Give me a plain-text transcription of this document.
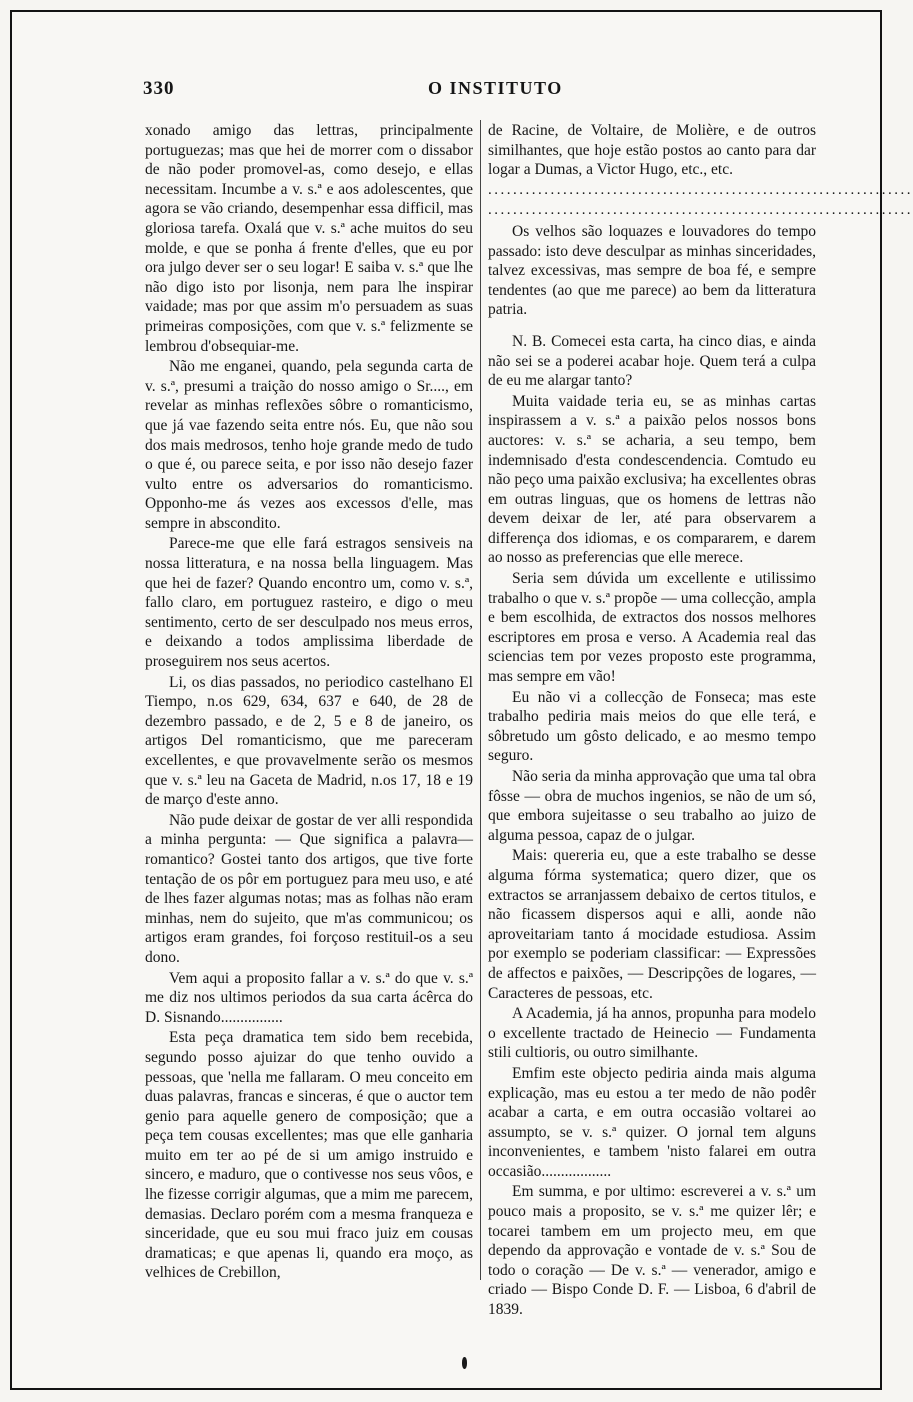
330	O INSTITUTO

xonado amigo das lettras, principalmente portuguezas; mas que hei de morrer com o dissabor de não poder promovel-as, como desejo, e ellas necessitam. Incumbe a v. s.ª e aos adolescentes, que agora se vão criando, desempenhar essa difficil, mas gloriosa tarefa. Oxalá que v. s.ª ache muitos do seu molde, e que se ponha á frente d'elles, que eu por ora julgo dever ser o seu logar! E saiba v. s.ª que lhe não digo isto por lisonja, nem para lhe inspirar vaidade; mas por que assim m'o persuadem as suas primeiras composições, com que v. s.ª felizmente se lembrou d'obsequiar-me.

Não me enganei, quando, pela segunda carta de v. s.ª, presumi a traição do nosso amigo o Sr...., em revelar as minhas reflexões sôbre o romanticismo, que já vae fazendo seita entre nós. Eu, que não sou dos mais medrosos, tenho hoje grande medo de tudo o que é, ou parece seita, e por isso não desejo fazer vulto entre os adversarios do romanticismo. Opponho-me ás vezes aos excessos d'elle, mas sempre in abscondito.

Parece-me que elle fará estragos sensiveis na nossa litteratura, e na nossa bella linguagem. Mas que hei de fazer? Quando encontro um, como v. s.ª, fallo claro, em portuguez rasteiro, e digo o meu sentimento, certo de ser desculpado nos meus erros, e deixando a todos amplissima liberdade de proseguirem nos seus acertos.

Li, os dias passados, no periodico castelhano El Tiempo, n.os 629, 634, 637 e 640, de 28 de dezembro passado, e de 2, 5 e 8 de janeiro, os artigos Del romanticismo, que me pareceram excellentes, e que provavelmente serão os mesmos que v. s.ª leu na Gaceta de Madrid, n.os 17, 18 e 19 de março d'este anno.

Não pude deixar de gostar de ver alli respondida a minha pergunta: — Que significa a palavra—romantico? Gostei tanto dos artigos, que tive forte tentação de os pôr em portuguez para meu uso, e até de lhes fazer algumas notas; mas as folhas não eram minhas, nem do sujeito, que m'as communicou; os artigos eram grandes, foi forçoso restituil-os a seu dono.

Vem aqui a proposito fallar a v. s.ª do que v. s.ª me diz nos ultimos periodos da sua carta ácêrca do D. Sisnando................

Esta peça dramatica tem sido bem recebida, segundo posso ajuizar do que tenho ouvido a pessoas, que 'nella me fallaram. O meu conceito em duas palavras, francas e sinceras, é que o auctor tem genio para aquelle genero de composição; que a peça tem cousas excellentes; mas que elle ganharia muito em ter ao pé de si um amigo instruido e sincero, e maduro, que o contivesse nos seus vôos, e lhe fizesse corrigir algumas, que a mim me parecem, demasias. Declaro porém com a mesma franqueza e sinceridade, que eu sou mui fraco juiz em cousas dramaticas; e que apenas li, quando era moço, as velhices de Crebillon,

de Racine, de Voltaire, de Molière, e de outros similhantes, que hoje estão postos ao canto para dar logar a Dumas, a Victor Hugo, etc., etc.

....................................................................

....................................................................

Os velhos são loquazes e louvadores do tempo passado: isto deve desculpar as minhas sinceridades, talvez excessivas, mas sempre de boa fé, e sempre tendentes (ao que me parece) ao bem da litteratura patria.

N. B. Comecei esta carta, ha cinco dias, e ainda não sei se a poderei acabar hoje. Quem terá a culpa de eu me alargar tanto?

Muita vaidade teria eu, se as minhas cartas inspirassem a v. s.ª a paixão pelos nossos bons auctores: v. s.ª se acharia, a seu tempo, bem indemnisado d'esta condescendencia. Comtudo eu não peço uma paixão exclusiva; ha excellentes obras em outras linguas, que os homens de lettras não devem deixar de ler, até para observarem a differença dos idiomas, e os compararem, e darem ao nosso as preferencias que elle merece.

Seria sem dúvida um excellente e utilissimo trabalho o que v. s.ª propõe — uma collecção, ampla e bem escolhida, de extractos dos nossos melhores escriptores em prosa e verso. A Academia real das sciencias tem por vezes proposto este programma, mas sempre em vão!

Eu não vi a collecção de Fonseca; mas este trabalho pediria mais meios do que elle terá, e sôbretudo um gôsto delicado, e ao mesmo tempo seguro.

Não seria da minha approvação que uma tal obra fôsse — obra de muchos ingenios, se não de um só, que embora sujeitasse o seu trabalho ao juizo de alguma pessoa, capaz de o julgar.

Mais: quereria eu, que a este trabalho se desse alguma fórma systematica; quero dizer, que os extractos se arranjassem debaixo de certos titulos, e não ficassem dispersos aqui e alli, aonde não aproveitariam tanto á mocidade estudiosa. Assim por exemplo se poderiam classificar: — Expressões de affectos e paixões, — Descripções de logares, — Caracteres de pessoas, etc.

A Academia, já ha annos, propunha para modelo o excellente tractado de Heinecio — Fundamenta stili cultioris, ou outro similhante.

Emfim este objecto pediria ainda mais alguma explicação, mas eu estou a ter medo de não podêr acabar a carta, e em outra occasião voltarei ao assumpto, se v. s.ª quizer. O jornal tem alguns inconvenientes, e tambem 'nisto falarei em outra occasião..................

Em summa, e por ultimo: escreverei a v. s.ª um pouco mais a proposito, se v. s.ª me quizer lêr; e tocarei tambem em um projecto meu, em que dependo da approvação e vontade de v. s.ª Sou de todo o coração — De v. s.ª — venerador, amigo e criado — Bispo Conde D. F. — Lisboa, 6 d'abril de 1839.
